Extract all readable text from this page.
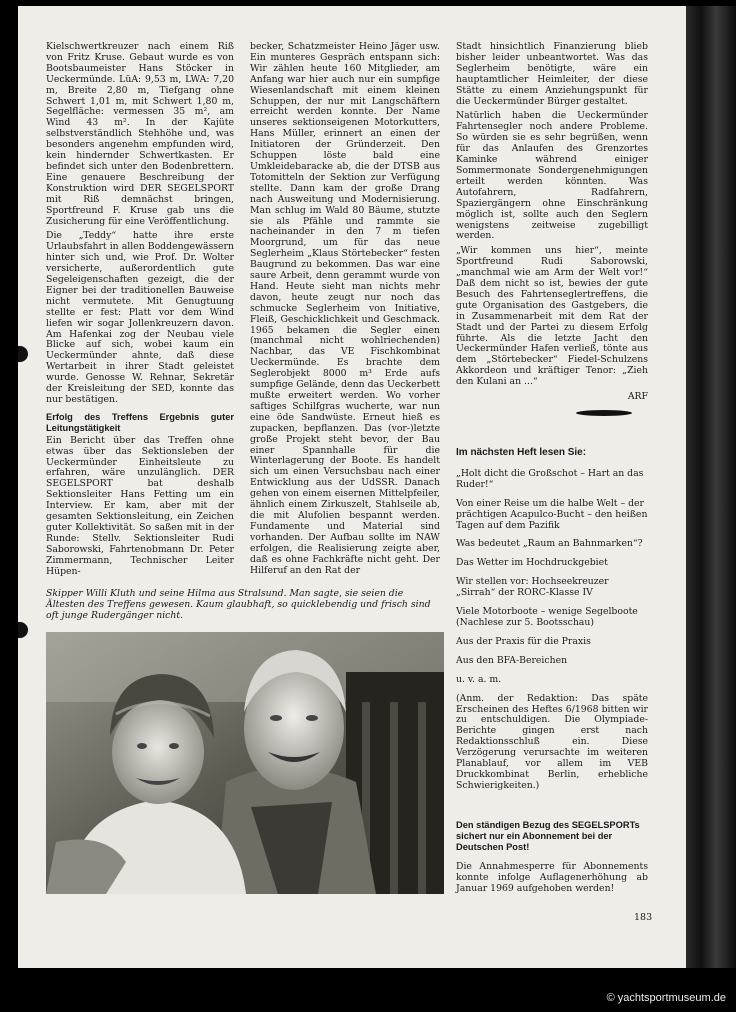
Kielschwertkreuzer nach einem Riß von Fritz Kruse. Gebaut wurde es von Bootsbaumeister Hans Stöcker in Ueckermünde. LüA: 9,53 m, LWA: 7,20 m, Breite 2,80 m, Tiefgang ohne Schwert 1,01 m, mit Schwert 1,80 m, Segelfläche: vermessen 35 m², am Wind 43 m². In der Kajüte selbstverständlich Stehhöhe und, was besonders angenehm empfunden wird, kein hindernder Schwertkasten. Er befindet sich unter den Bodenbrettern. Eine genauere Beschreibung der Konstruktion wird DER SEGELSPORT mit Riß demnächst bringen, Sportfreund F. Kruse gab uns die Zusicherung für eine Veröffentlichung.

Die „Teddy“ hatte ihre erste Urlaubsfahrt in allen Boddengewässern hinter sich und, wie Prof. Dr. Wolter versicherte, außerordentlich gute Segeleigenschaften gezeigt, die der Eigner bei der traditionellen Bauweise nicht vermutete. Mit Genugtuung stellte er fest: Platt vor dem Wind liefen wir sogar Jollenkreuzern davon. Am Hafenkai zog der Neubau viele Blicke auf sich, wobei kaum ein Ueckermünder ahnte, daß diese Wertarbeit in ihrer Stadt geleistet wurde. Genosse W. Rehnar, Sekretär der Kreisleitung der SED, konnte das nur bestätigen.

Erfolg des Treffens Ergebnis guter Leitungstätigkeit

Ein Bericht über das Treffen ohne etwas über das Sektionsleben der Ueckermünder Einheitsleute zu erfahren, wäre unzulänglich. DER SEGELSPORT bat deshalb Sektionsleiter Hans Fetting um ein Interview. Er kam, aber mit der gesamten Sektionsleitung, ein Zeichen guter Kollektivität. So saßen mit in der Runde: Stellv. Sektionsleiter Rudi Saborowski, Fahrtenobmann Dr. Peter Zimmermann, Technischer Leiter Hüpen-

becker, Schatzmeister Heino Jäger usw. Ein munteres Gespräch entspann sich: Wir zählen heute 160 Mitglieder, am Anfang war hier auch nur ein sumpfige Wiesenlandschaft mit einem kleinen Schuppen, der nur mit Langschäftern erreicht werden konnte. Der Name unseres sektionseigenen Motorkutters, Hans Müller, erinnert an einen der Initiatoren der Gründerzeit. Den Schuppen löste bald eine Umkleidebaracke ab, die der DTSB aus Totomitteln der Sektion zur Verfügung stellte. Dann kam der große Drang nach Ausweitung und Modernisierung. Man schlug im Wald 80 Bäume, stutzte sie als Pfähle und rammte sie nacheinander in den 7 m tiefen Moorgrund, um für das neue Seglerheim „Klaus Störtebecker“ festen Baugrund zu bekommen. Das war eine saure Arbeit, denn gerammt wurde von Hand. Heute sieht man nichts mehr davon, heute zeugt nur noch das schmucke Seglerheim von Initiative, Fleiß, Geschicklichkeit und Geschmack. 1965 bekamen die Segler einen (manchmal nicht wohlriechenden) Nachbar, das VE Fischkombinat Ueckermünde. Es brachte dem Seglerobjekt 8000 m³ Erde aufs sumpfige Gelände, denn das Ueckerbett mußte erweitert werden. Wo vorher saftiges Schilfgras wucherte, war nun eine öde Sandwüste. Erneut hieß es zupacken, bepflanzen. Das (vor-)letzte große Projekt steht bevor, der Bau einer Spannhalle für die Winterlagerung der Boote. Es handelt sich um einen Versuchsbau nach einer Entwicklung aus der UdSSR. Danach gehen von einem eisernen Mittelpfeiler, ähnlich einem Zirkuszelt, Stahlseile ab, die mit Alufolien bespannt werden. Fundamente und Material sind vorhanden. Der Aufbau sollte im NAW erfolgen, die Realisierung zeigte aber, daß es ohne Fachkräfte nicht geht. Der Hilferuf an den Rat der

Stadt hinsichtlich Finanzierung blieb bisher leider unbeantwortet. Was das Seglerheim benötigte, wäre ein hauptamtlicher Heimleiter, der diese Stätte zu einem Anziehungspunkt für die Ueckermünder Bürger gestaltet.

Natürlich haben die Ueckermünder Fahrtensegler noch andere Probleme. So würden sie es sehr begrüßen, wenn für das Anlaufen des Grenzortes Kaminke während einiger Sommermonate Sondergenehmigungen erteilt werden könnten. Was Autofahrern, Radfahrern, Spaziergängern ohne Einschränkung möglich ist, sollte auch den Seglern wenigstens zeitweise zugebilligt werden.

„Wir kommen uns hier“, meinte Sportfreund Rudi Saborowski, „manchmal wie am Arm der Welt vor!“ Daß dem nicht so ist, bewies der gute Besuch des Fahrtenseglertreffens, die gute Organisation des Gastgebers, die in Zusammenarbeit mit dem Rat der Stadt und der Partei zu diesem Erfolg führte. Als die letzte Jacht den Ueckermünder Hafen verließ, tönte aus dem „Störtebecker“ Fiedel-Schulzens Akkordeon und kräftiger Tenor: „Zieh den Kulani an ...“

ARF
Im nächsten Heft lesen Sie:
„Holt dicht die Großschot – Hart an das Ruder!“
Von einer Reise um die halbe Welt – der prächtigen Acapulco-Bucht – den heißen Tagen auf dem Pazifik
Was bedeutet „Raum an Bahnmarken“?
Das Wetter im Hochdruckgebiet
Wir stellen vor: Hochseekreuzer „Sirrah“ der RORC-Klasse IV
Viele Motorboote – wenige Segelboote (Nachlese zur 5. Bootsschau)
Aus der Praxis für die Praxis
Aus den BFA-Bereichen
u. v. a. m.
(Anm. der Redaktion: Das späte Erscheinen des Heftes 6/1968 bitten wir zu entschuldigen. Die Olympiade-Berichte gingen erst nach Redaktionsschluß ein. Diese Verzögerung verursachte im weiteren Planablauf, vor allem im VEB Druckkombinat Berlin, erhebliche Schwierigkeiten.)
Den ständigen Bezug des SEGELSPORTs sichert nur ein Abonnement bei der Deutschen Post!
Die Annahmesperre für Abonnements konnte infolge Auflagenerhöhung ab Januar 1969 aufgehoben werden!
Skipper Willi Kluth und seine Hilma aus Stralsund. Man sagte, sie seien die Ältesten des Treffens gewesen. Kaum glaubhaft, so quicklebendig und frisch sind oft junge Rudergänger nicht.
183
© yachtsportmuseum.de
